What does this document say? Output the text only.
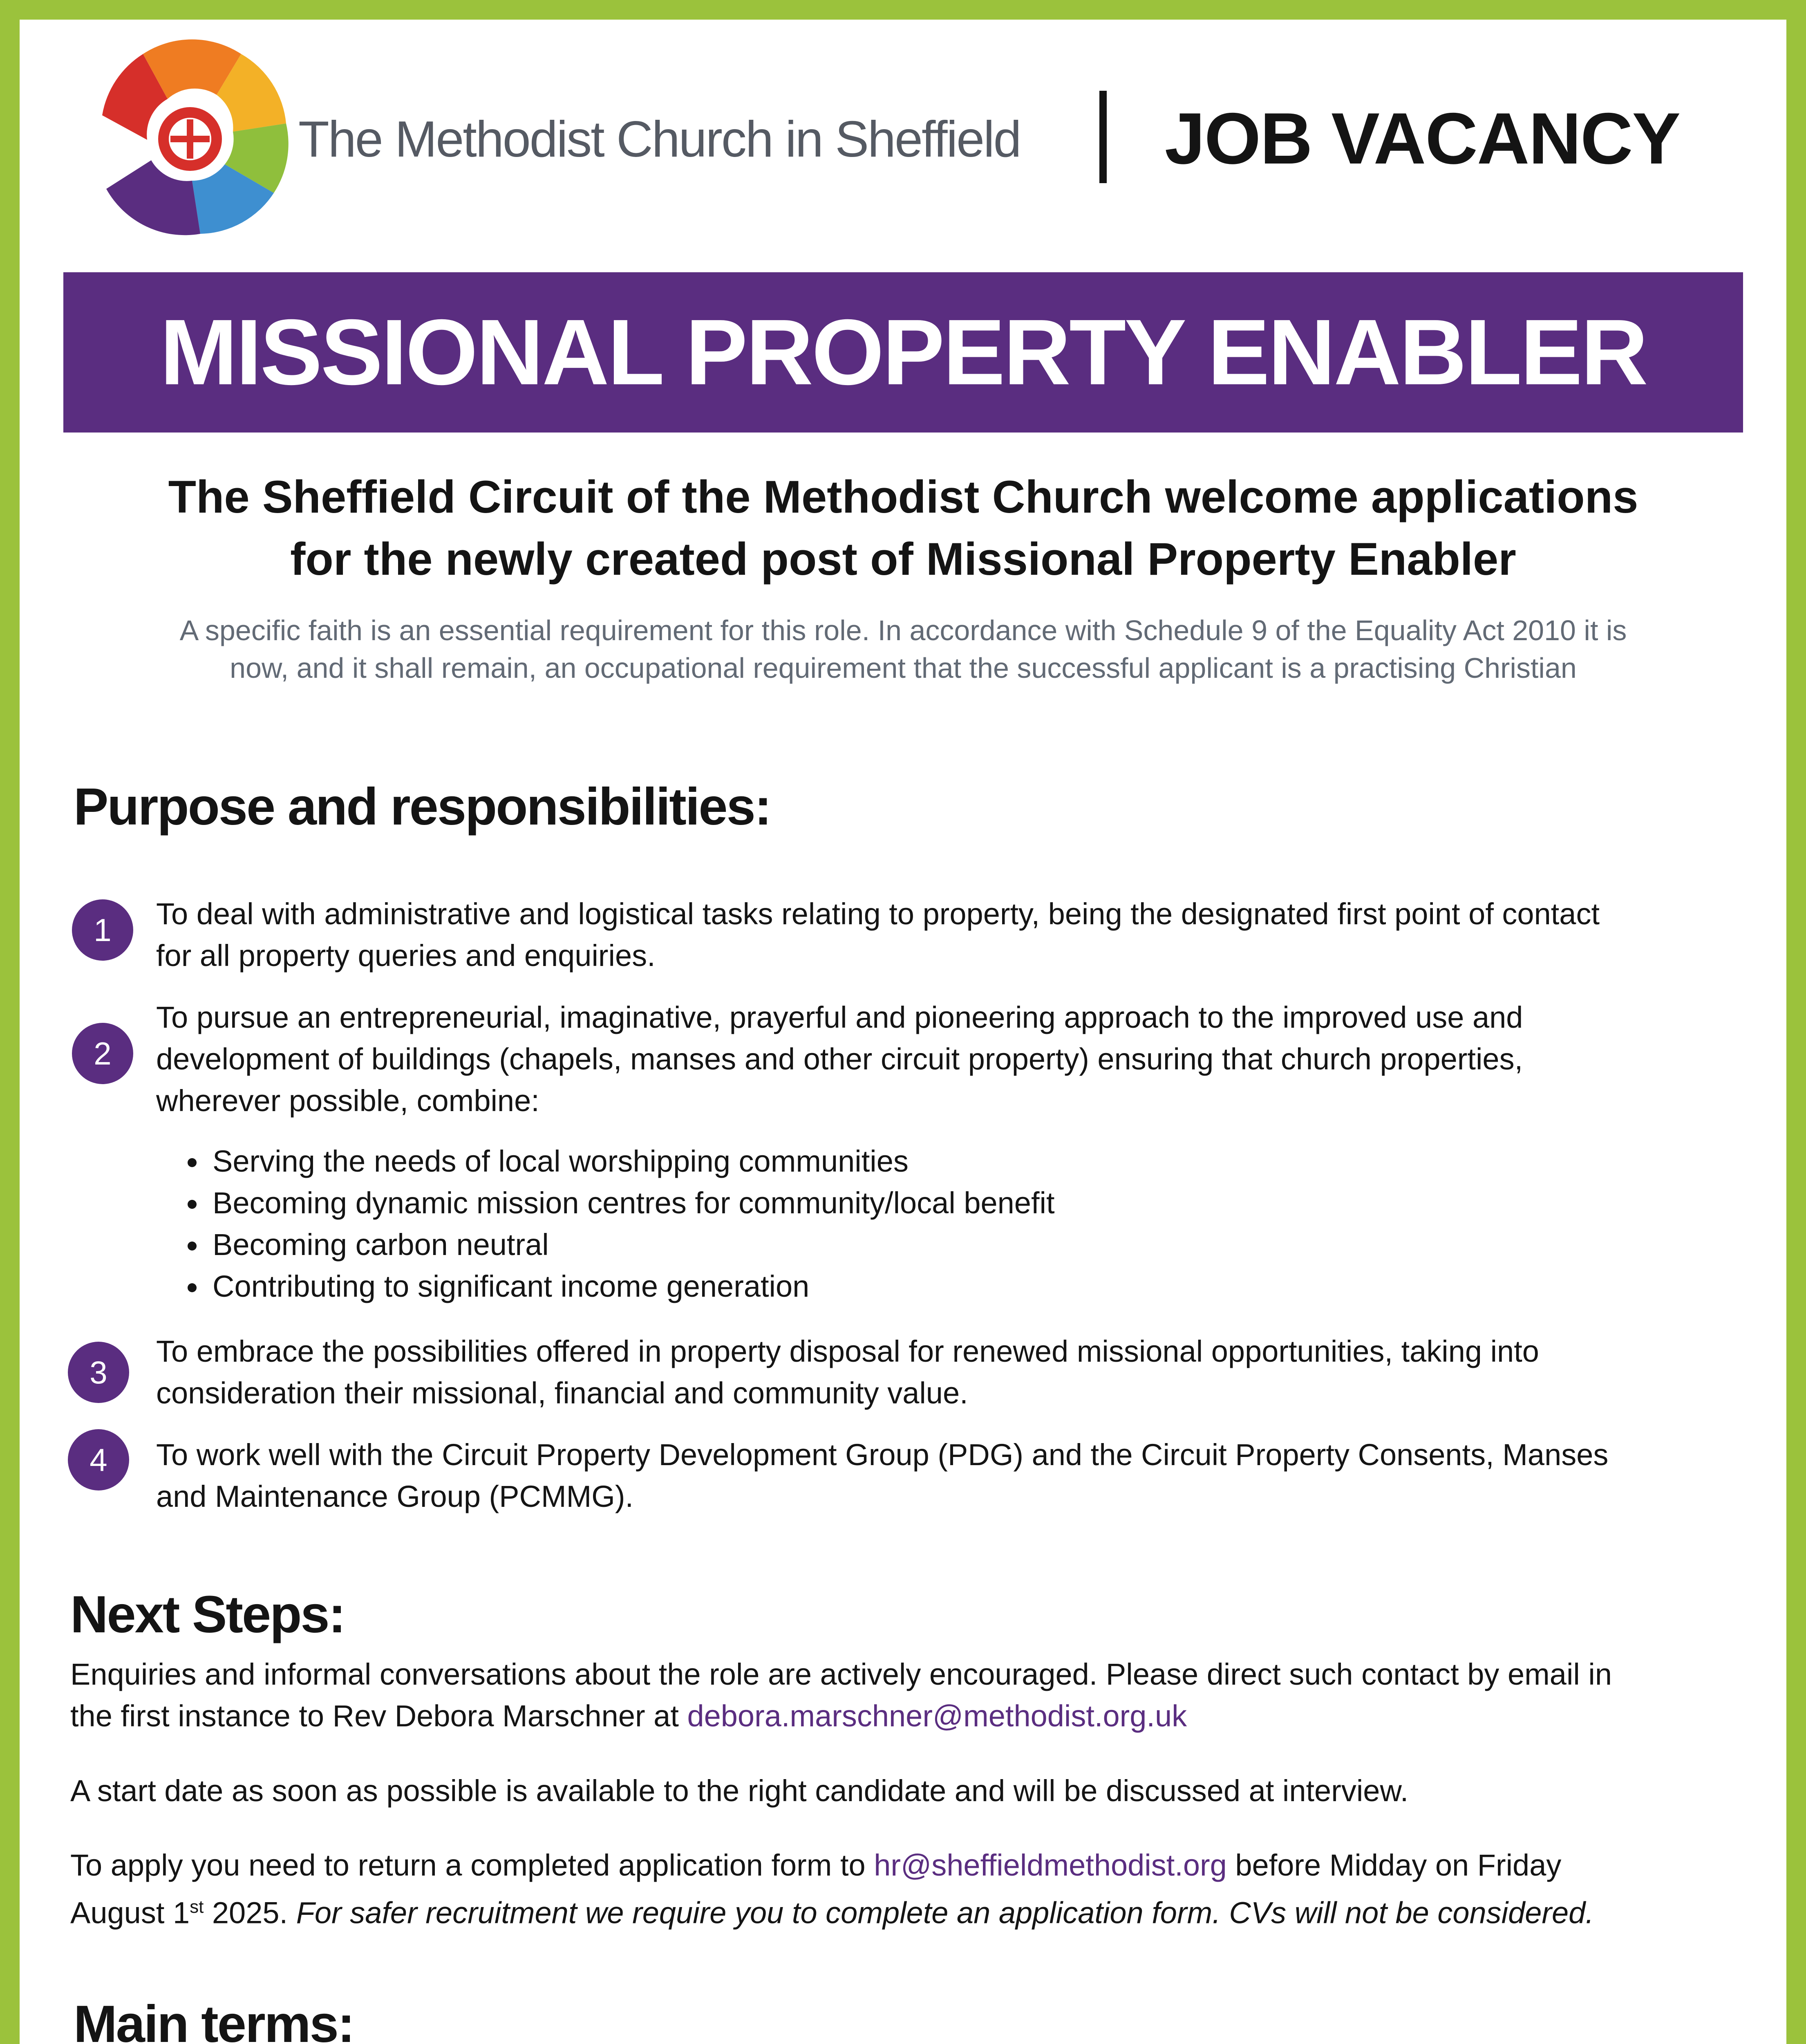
The Methodist Church in Sheffield	JOB VACANCY
MISSIONAL PROPERTY ENABLER
The Sheffield Circuit of the Methodist Church welcome applications
for the newly created post of Missional Property Enabler
A specific faith is an essential requirement for this role. In accordance with Schedule 9 of the Equality Act 2010 it is
now, and it shall remain, an occupational requirement that the successful applicant is a practising Christian
Purpose and responsibilities:
1	To deal with administrative and logistical tasks relating to property, being the designated first point of contact
for all property queries and enquiries.
2
To pursue an entrepreneurial, imaginative, prayerful and pioneering approach to the improved use and
development of buildings (chapels, manses and other circuit property) ensuring that church properties,
wherever possible, combine:
• Serving the needs of local worshipping communities
• Becoming dynamic mission centres for community/local benefit
• Becoming carbon neutral
• Contributing to significant income generation
3
To embrace the possibilities offered in property disposal for renewed missional opportunities, taking into
consideration their missional, financial and community value.
4	To work well with the Circuit Property Development Group (PDG) and the Circuit Property Consents, Manses
and Maintenance Group (PCMMG).
Next Steps:
Enquiries and informal conversations about the role are actively encouraged. Please direct such contact by email in
the first instance to Rev Debora Marschner at debora.marschner@methodist.org.uk
A start date as soon as possible is available to the right candidate and will be discussed at interview.
To apply you need to return a completed application form to hr@sheffieldmethodist.org before Midday on Friday
August 1st 2025. For safer recruitment we require you to complete an application form. CVs will not be considered.
Main terms:
